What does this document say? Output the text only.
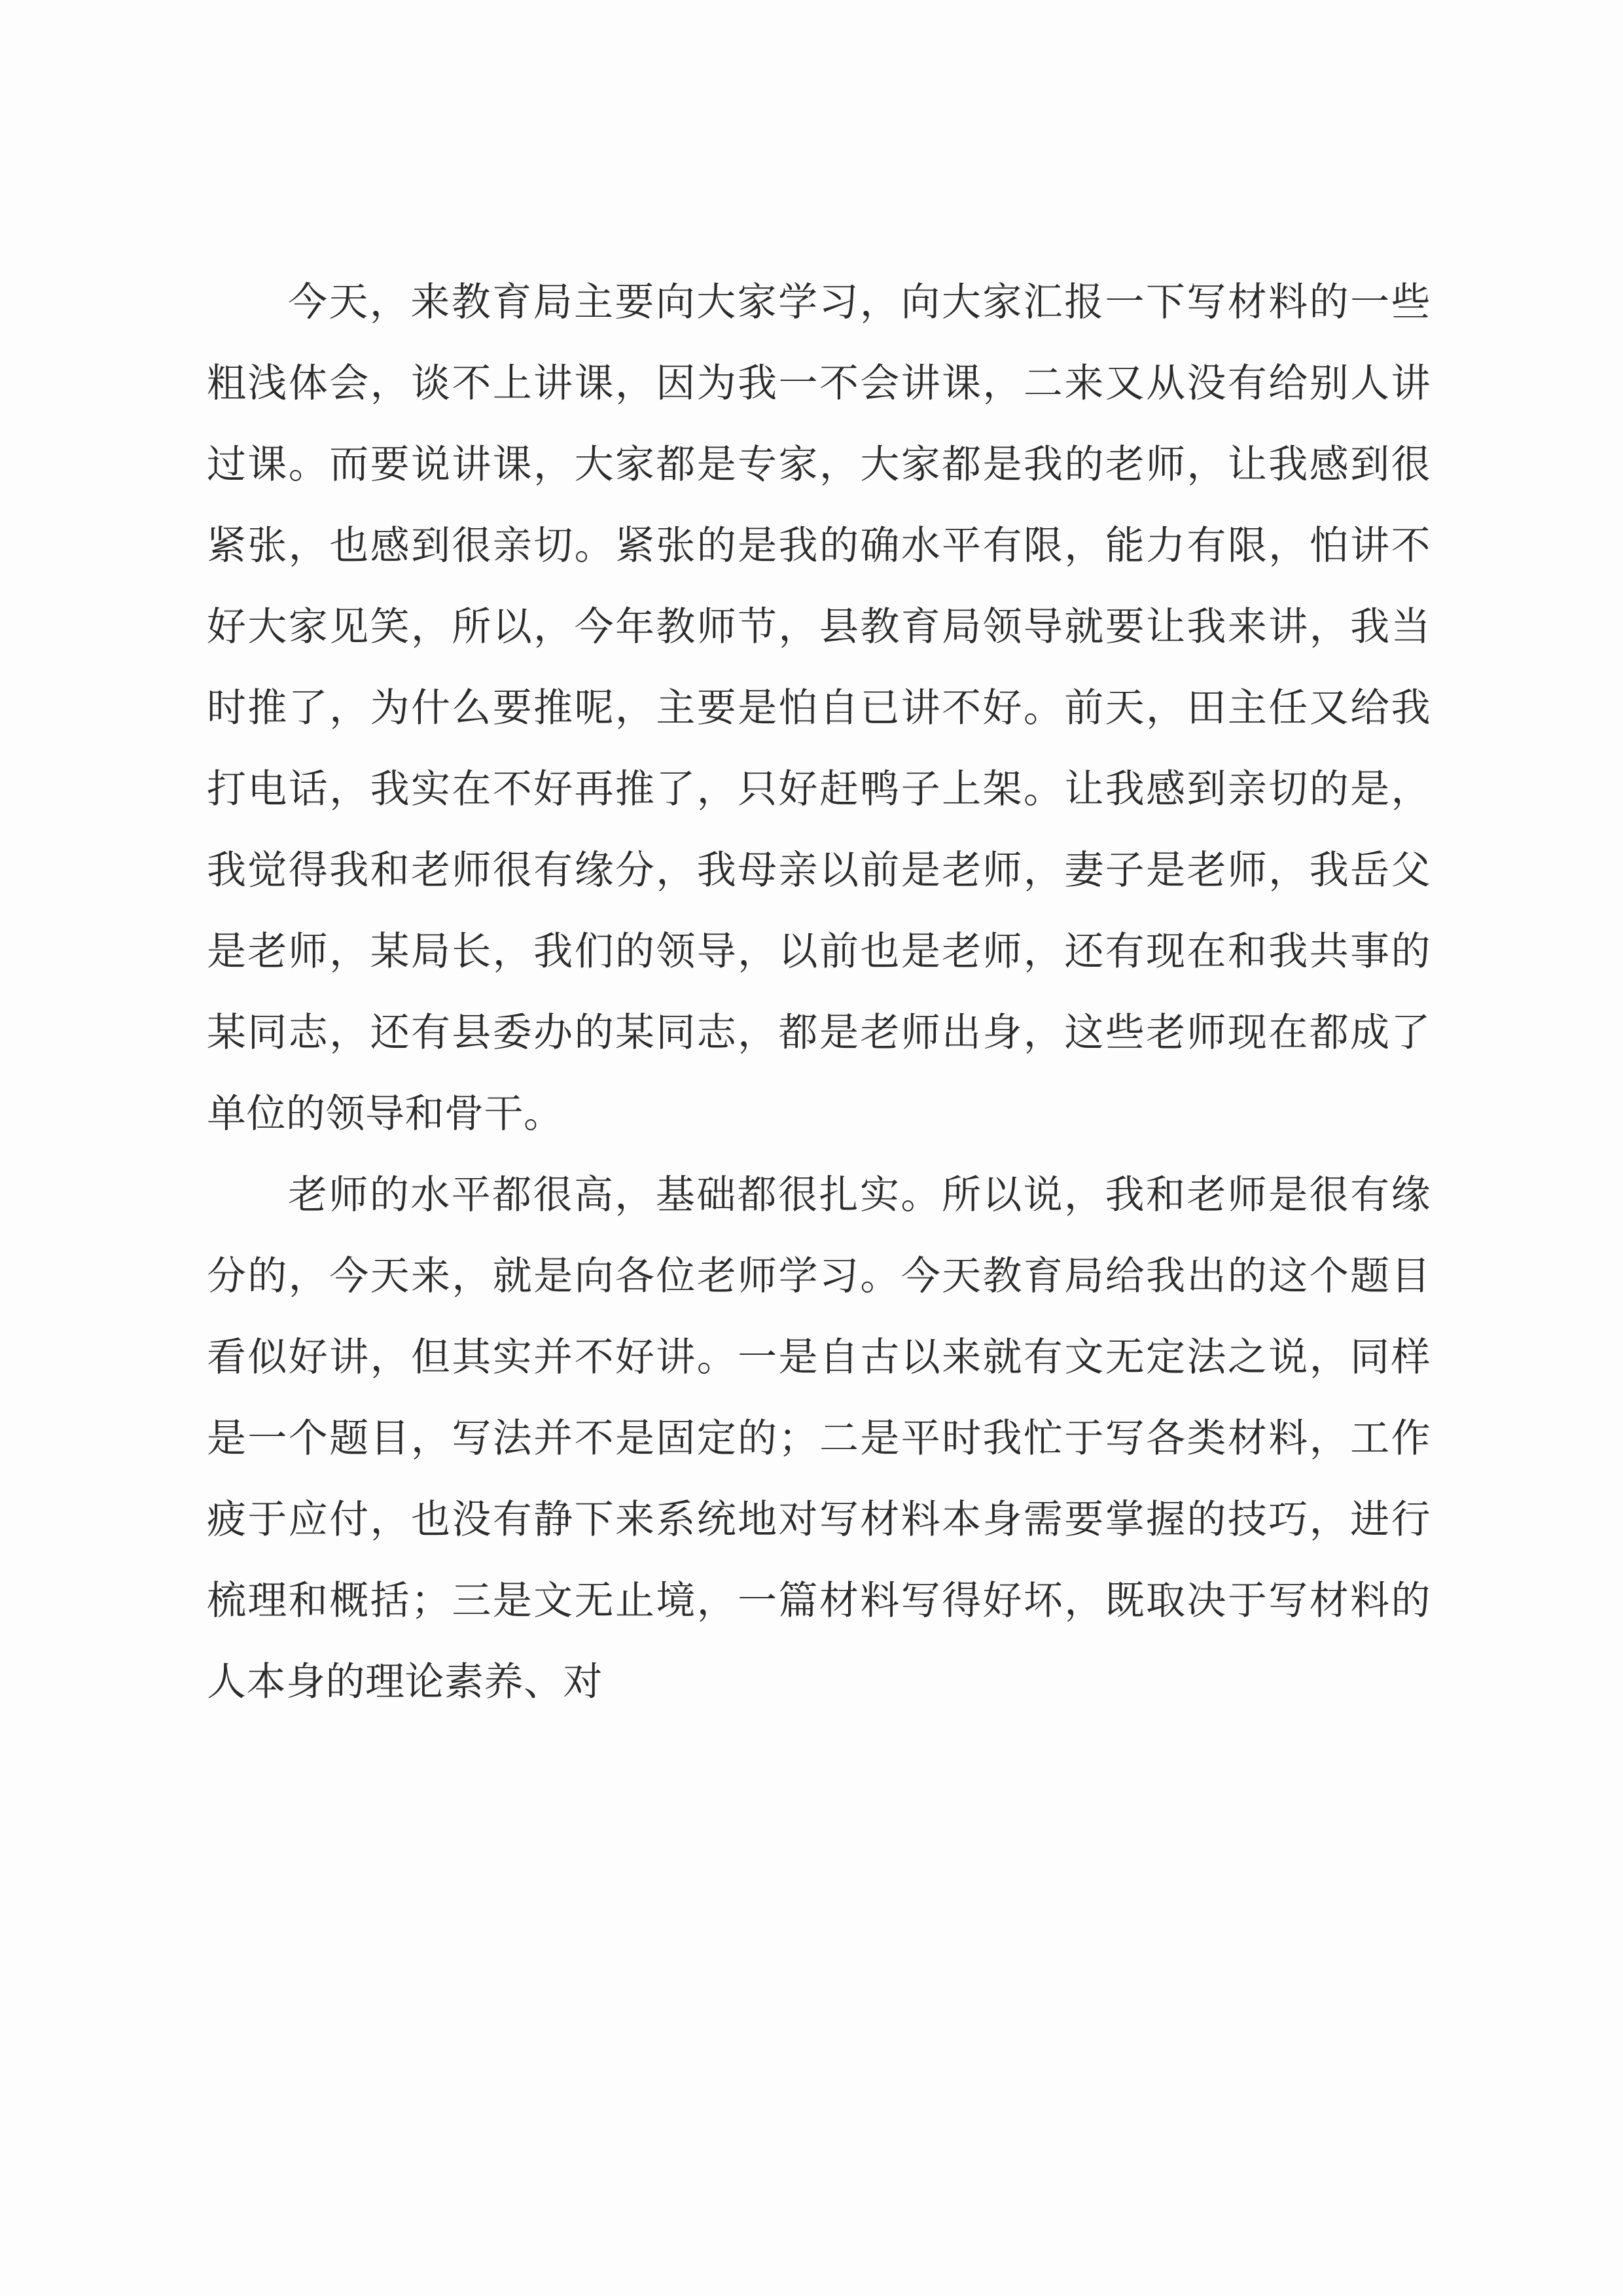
今天，来教育局主要向大家学习，向大家汇报一下写材料的一些粗浅体会，谈不上讲课，因为我一不会讲课，二来又从没有给别人讲过课。而要说讲课，大家都是专家，大家都是我的老师，让我感到很紧张，也感到很亲切。紧张的是我的确水平有限，能力有限，怕讲不好大家见笑，所以，今年教师节，县教育局领导就要让我来讲，我当时推了，为什么要推呢，主要是怕自已讲不好。前天，田主任又给我打电话，我实在不好再推了，只好赶鸭子上架。让我感到亲切的是，我觉得我和老师很有缘分，我母亲以前是老师，妻子是老师，我岳父是老师，某局长，我们的领导，以前也是老师，还有现在和我共事的某同志，还有县委办的某同志，都是老师出身，这些老师现在都成了单位的领导和骨干。

老师的水平都很高，基础都很扎实。所以说，我和老师是很有缘分的，今天来，就是向各位老师学习。今天教育局给我出的这个题目看似好讲，但其实并不好讲。一是自古以来就有文无定法之说，同样是一个题目，写法并不是固定的；二是平时我忙于写各类材料，工作疲于应付，也没有静下来系统地对写材料本身需要掌握的技巧，进行梳理和概括；三是文无止境，一篇材料写得好坏，既取决于写材料的人本身的理论素养、对
